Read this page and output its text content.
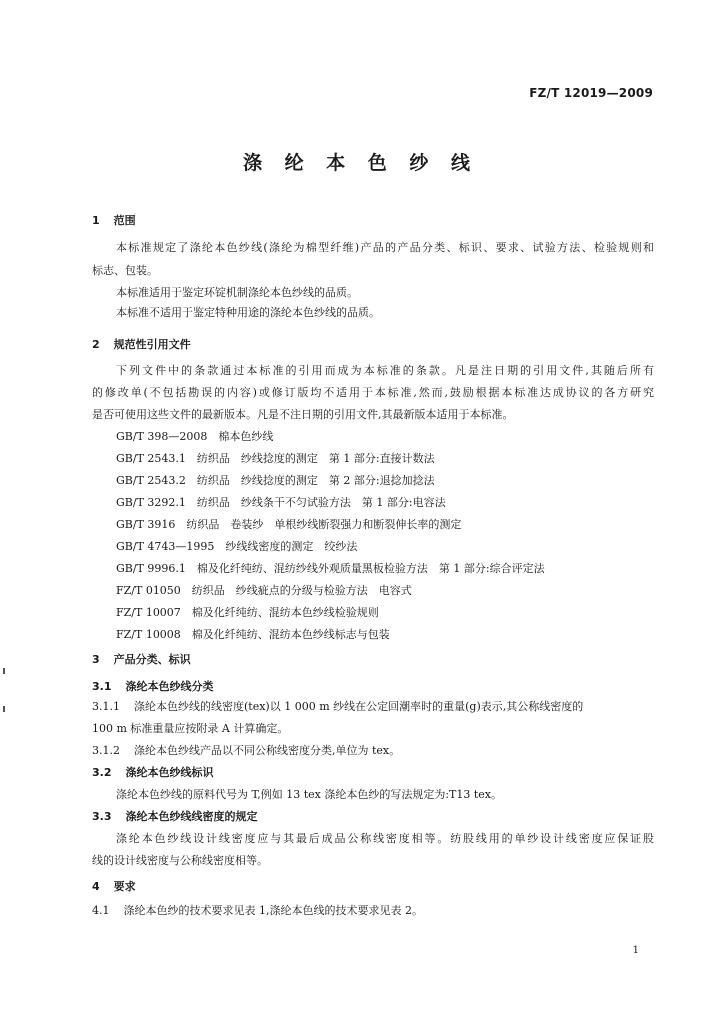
FZ/T 12019—2009
涤 纶 本 色 纱 线
1 范围
本标准规定了涤纶本色纱线(涤纶为棉型纤维)产品的产品分类、标识、要求、试验方法、检验规则和
标志、包装。
本标准适用于鉴定环锭机制涤纶本色纱线的品质。
本标准不适用于鉴定特种用途的涤纶本色纱线的品质。
2 规范性引用文件
下列文件中的条款通过本标准的引用而成为本标准的条款。凡是注日期的引用文件,其随后所有
的修改单(不包括勘误的内容)或修订版均不适用于本标准,然而,鼓励根据本标准达成协议的各方研究
是否可使用这些文件的最新版本。凡是不注日期的引用文件,其最新版本适用于本标准。
GB/T 398—2008　棉本色纱线
GB/T 2543.1　纺织品　纱线捻度的测定　第 1 部分:直接计数法
GB/T 2543.2　纺织品　纱线捻度的测定　第 2 部分:退捻加捻法
GB/T 3292.1　纺织品　纱线条干不匀试验方法　第 1 部分:电容法
GB/T 3916　纺织品　卷装纱　单根纱线断裂强力和断裂伸长率的测定
GB/T 4743—1995　纱线线密度的测定　绞纱法
GB/T 9996.1　棉及化纤纯纺、混纺纱线外观质量黑板检验方法　第 1 部分:综合评定法
FZ/T 01050　纺织品　纱线疵点的分级与检验方法　电容式
FZ/T 10007　棉及化纤纯纺、混纺本色纱线检验规则
FZ/T 10008　棉及化纤纯纺、混纺本色纱线标志与包装
3 产品分类、标识
3.1 涤纶本色纱线分类
3.1.1 涤纶本色纱线的线密度(tex)以 1 000 m 纱线在公定回潮率时的重量(g)表示,其公称线密度的
100 m 标准重量应按附录 A 计算确定。
3.1.2 涤纶本色纱线产品以不同公称线密度分类,单位为 tex。
3.2 涤纶本色纱线标识
涤纶本色纱线的原料代号为 T,例如 13 tex 涤纶本色纱的写法规定为:T13 tex。
3.3 涤纶本色纱线线密度的规定
涤纶本色纱线设计线密度应与其最后成品公称线密度相等。纺股线用的单纱设计线密度应保证股
线的设计线密度与公称线密度相等。
4 要求
4.1 涤纶本色纱的技术要求见表 1,涤纶本色线的技术要求见表 2。
1
